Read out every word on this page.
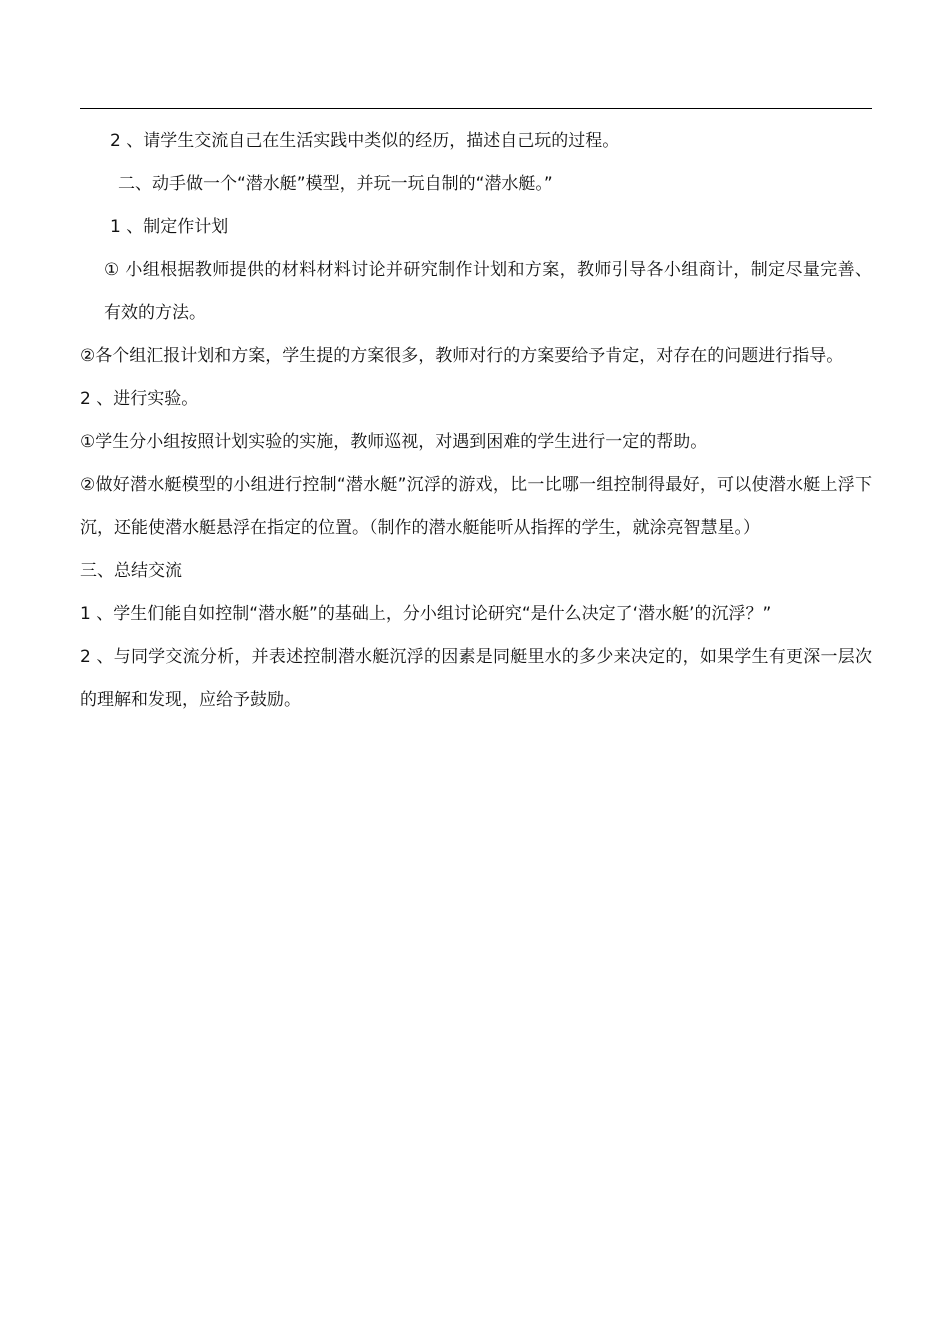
2 、请学生交流自己在生活实践中类似的经历，描述自己玩的过程。

二、动手做一个“潜水艇”模型，并玩一玩自制的“潜水艇。”

1 、制定作计划

① 小组根据教师提供的材料材料讨论并研究制作计划和方案，教师引导各小组商计，制定尽量完善、有效的方法。

②各个组汇报计划和方案，学生提的方案很多，教师对行的方案要给予肯定，对存在的问题进行指导。

2 、进行实验。

①学生分小组按照计划实验的实施，教师巡视，对遇到困难的学生进行一定的帮助。

②做好潜水艇模型的小组进行控制“潜水艇”沉浮的游戏，比一比哪一组控制得最好，可以使潜水艇上浮下沉，还能使潜水艇悬浮在指定的位置。（制作的潜水艇能听从指挥的学生，就涂亮智慧星。）

三、总结交流

1 、学生们能自如控制“潜水艇”的基础上，分小组讨论研究“是什么决定了‘潜水艇’的沉浮？”

2 、与同学交流分析，并表述控制潜水艇沉浮的因素是同艇里水的多少来决定的，如果学生有更深一层次的理解和发现，应给予鼓励。
